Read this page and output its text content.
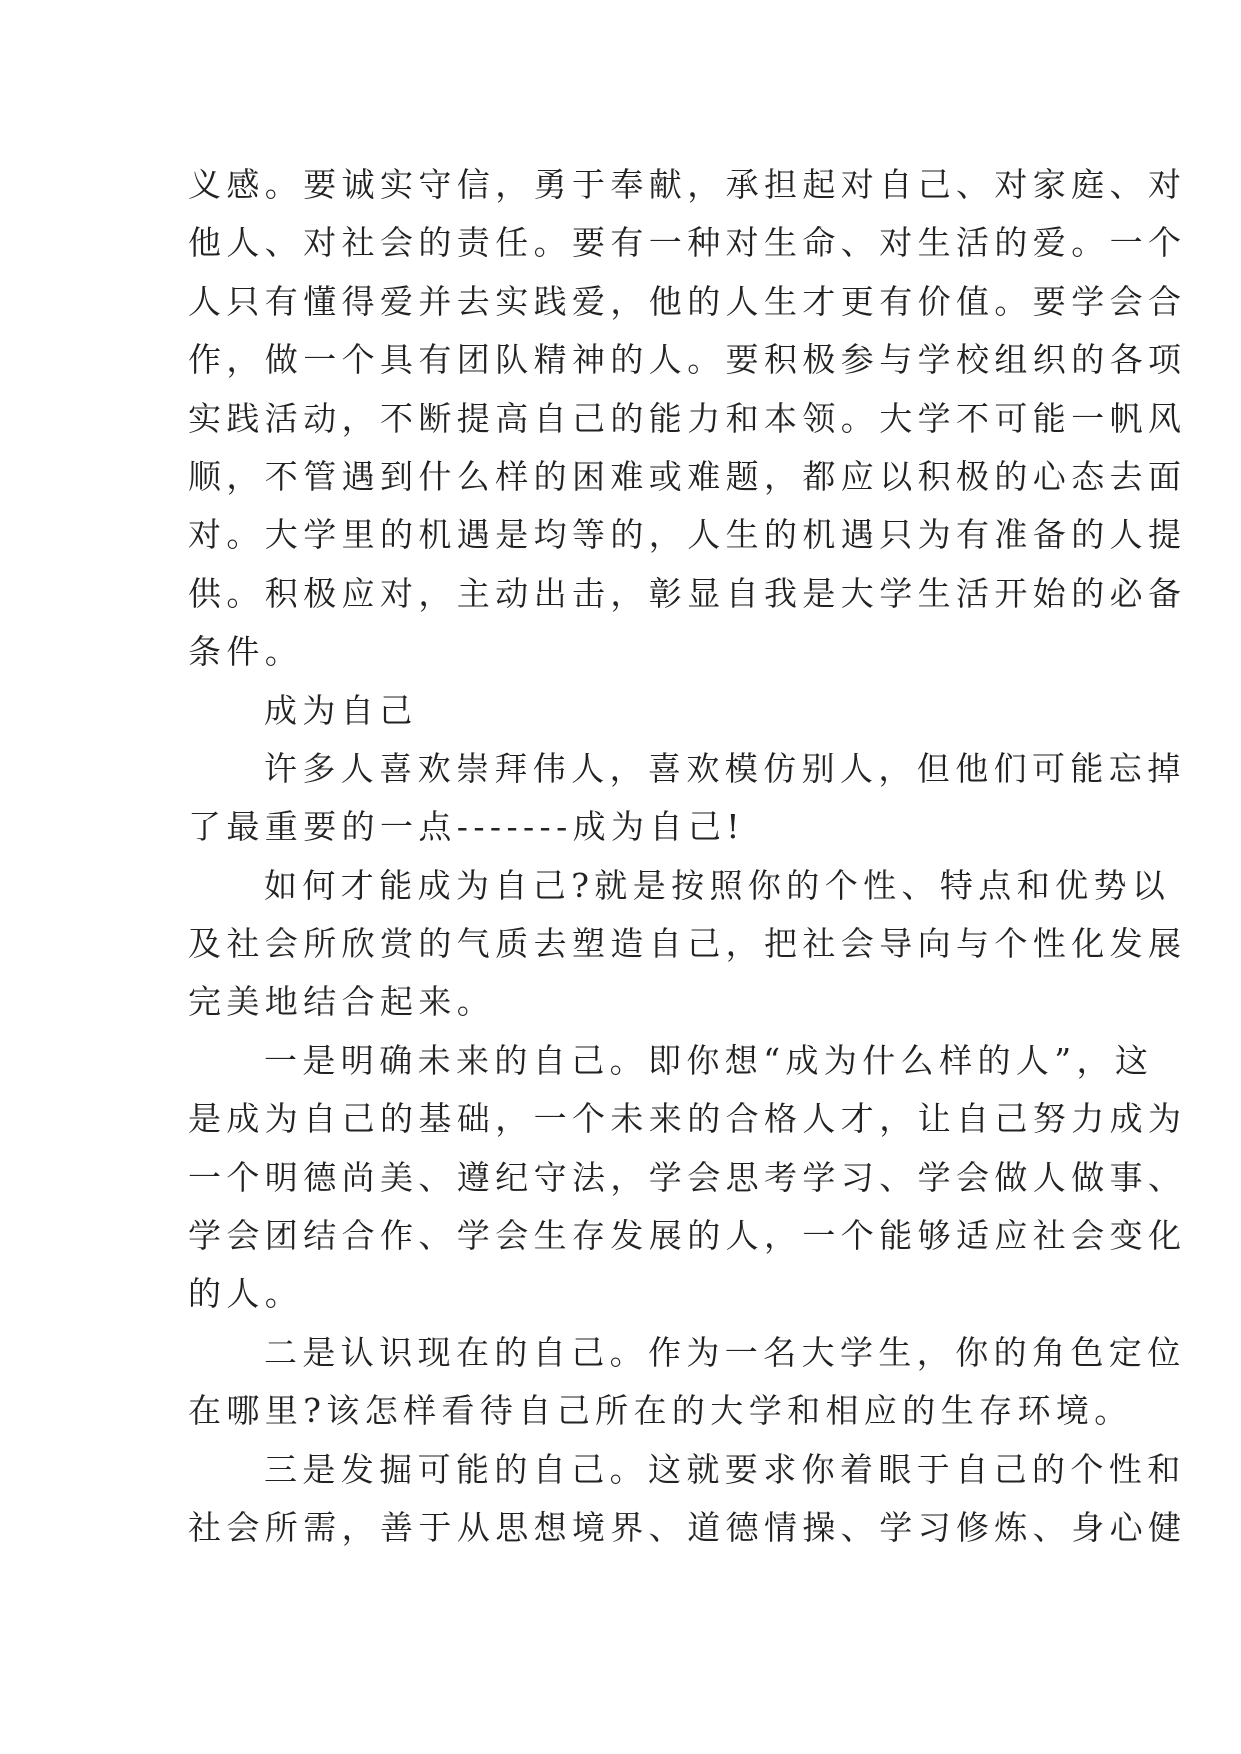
义感。要诚实守信，勇于奉献，承担起对自己、对家庭、对
他人、对社会的责任。要有一种对生命、对生活的爱。一个
人只有懂得爱并去实践爱，他的人生才更有价值。要学会合
作，做一个具有团队精神的人。要积极参与学校组织的各项
实践活动，不断提高自己的能力和本领。大学不可能一帆风
顺，不管遇到什么样的困难或难题，都应以积极的心态去面
对。大学里的机遇是均等的，人生的机遇只为有准备的人提
供。积极应对，主动出击，彰显自我是大学生活开始的必备
条件。
成为自己
许多人喜欢崇拜伟人，喜欢模仿别人，但他们可能忘掉
了最重要的一点-------成为自己!
如何才能成为自己?就是按照你的个性、特点和优势以
及社会所欣赏的气质去塑造自己，把社会导向与个性化发展
完美地结合起来。
一是明确未来的自己。即你想“成为什么样的人”，这
是成为自己的基础，一个未来的合格人才，让自己努力成为
一个明德尚美、遵纪守法，学会思考学习、学会做人做事、
学会团结合作、学会生存发展的人，一个能够适应社会变化
的人。
二是认识现在的自己。作为一名大学生，你的角色定位
在哪里?该怎样看待自己所在的大学和相应的生存环境。
三是发掘可能的自己。这就要求你着眼于自己的个性和
社会所需，善于从思想境界、道德情操、学习修炼、身心健
